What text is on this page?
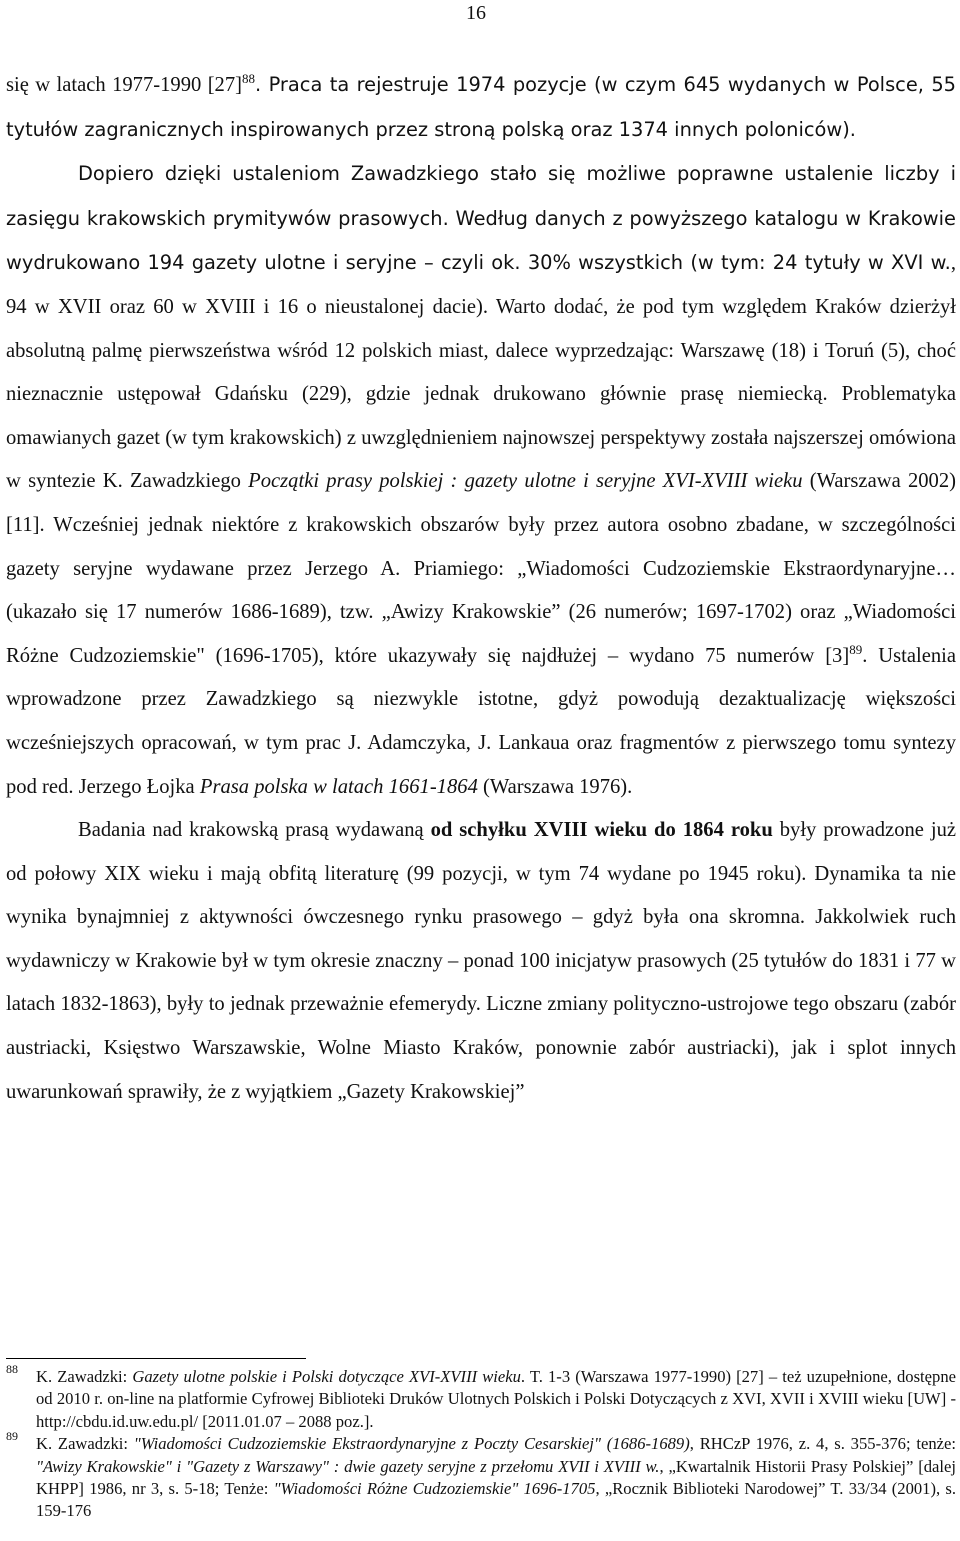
16

się w latach 1977-1990 $[27]^{88}$. Praca ta rejestruje 1974 pozycje (w czym 645 wydanych w Polsce, 55 tytułów zagranicznych inspirowanych przez stroną polską oraz 1374 innych poloniców).

Dopiero dzięki ustaleniom Zawadzkiego stało się możliwe poprawne ustalenie liczby i zasięgu krakowskich prymitywów prasowych. Według danych z powyższego katalogu w Krakowie wydrukowano 194 gazety ulotne i seryjne – czyli ok. 30% wszystkich (w tym: 24 tytuły w XVI w., 94 w XVII oraz 60 w XVIII i 16 o nieustalonej dacie). Warto dodać, że pod tym względem Kraków dzierżył absolutną palmę pierwszeństwa wśród 12 polskich miast, dalece wyprzedzając: Warszawę (18) i Toruń (5), choć nieznacznie ustępował Gdańsku (229), gdzie jednak drukowano głównie prasę niemiecką. Problematyka omawianych gazet (w tym krakowskich) z uwzględnieniem najnowszej perspektywy została najszerszej omówiona w syntezie K. Zawadzkiego Początki prasy polskiej : gazety ulotne i seryjne XVI-XVIII wieku (Warszawa 2002) [11]. Wcześniej jednak niektóre z krakowskich obszarów były przez autora osobno zbadane, w szczególności gazety seryjne wydawane przez Jerzego A. Priamiego: „Wiadomości Cudzoziemskie Ekstraordynaryjne… (ukazało się 17 numerów 1686-1689), tzw. „Awizy Krakowskie” (26 numerów; 1697-1702) oraz „Wiadomości Różne Cudzoziemskie" (1696-1705), które ukazywały się najdłużej – wydano 75 numerów $[3]^{89}$. Ustalenia wprowadzone przez Zawadzkiego są niezwykle istotne, gdyż powodują dezaktualizację większości wcześniejszych opracowań, w tym prac J. Adamczyka, J. Lankaua oraz fragmentów z pierwszego tomu syntezy pod red. Jerzego Łojka Prasa polska w latach 1661-1864 (Warszawa 1976).

Badania nad krakowską prasą wydawaną od schyłku XVIII wieku do 1864 roku były prowadzone już od połowy XIX wieku i mają obfitą literaturę (99 pozycji, w tym 74 wydane po 1945 roku). Dynamika ta nie wynika bynajmniej z aktywności ówczesnego rynku prasowego – gdyż była ona skromna. Jakkolwiek ruch wydawniczy w Krakowie był w tym okresie znaczny – ponad 100 inicjatyw prasowych (25 tytułów do 1831 i 77 w latach 1832-1863), były to jednak przeważnie efemerydy. Liczne zmiany polityczno-ustrojowe tego obszaru (zabór austriacki, Księstwo Warszawskie, Wolne Miasto Kraków, ponownie zabór austriacki), jak i splot innych uwarunkowań sprawiły, że z wyjątkiem „Gazety Krakowskiej”

88 K. Zawadzki: Gazety ulotne polskie i Polski dotyczące XVI-XVIII wieku. T. 1-3 (Warszawa 1977-1990) [27] – też uzupełnione, dostępne od 2010 r. on-line na platformie Cyfrowej Biblioteki Druków Ulotnych Polskich i Polski Dotyczących z XVI, XVII i XVIII wieku [UW] - http://cbdu.id.uw.edu.pl/ [2011.01.07 – 2088 poz.].
89 K. Zawadzki: "Wiadomości Cudzoziemskie Ekstraordynaryjne z Poczty Cesarskiej" (1686-1689), RHCzP 1976, z. 4, s. 355-376; tenże: "Awizy Krakowskie" i "Gazety z Warszawy" : dwie gazety seryjne z przełomu XVII i XVIII w., „Kwartalnik Historii Prasy Polskiej” [dalej KHPP] 1986, nr 3, s. 5-18; Tenże: "Wiadomości Różne Cudzoziemskie" 1696-1705, „Rocznik Biblioteki Narodowej” T. 33/34 (2001), s. 159-176
